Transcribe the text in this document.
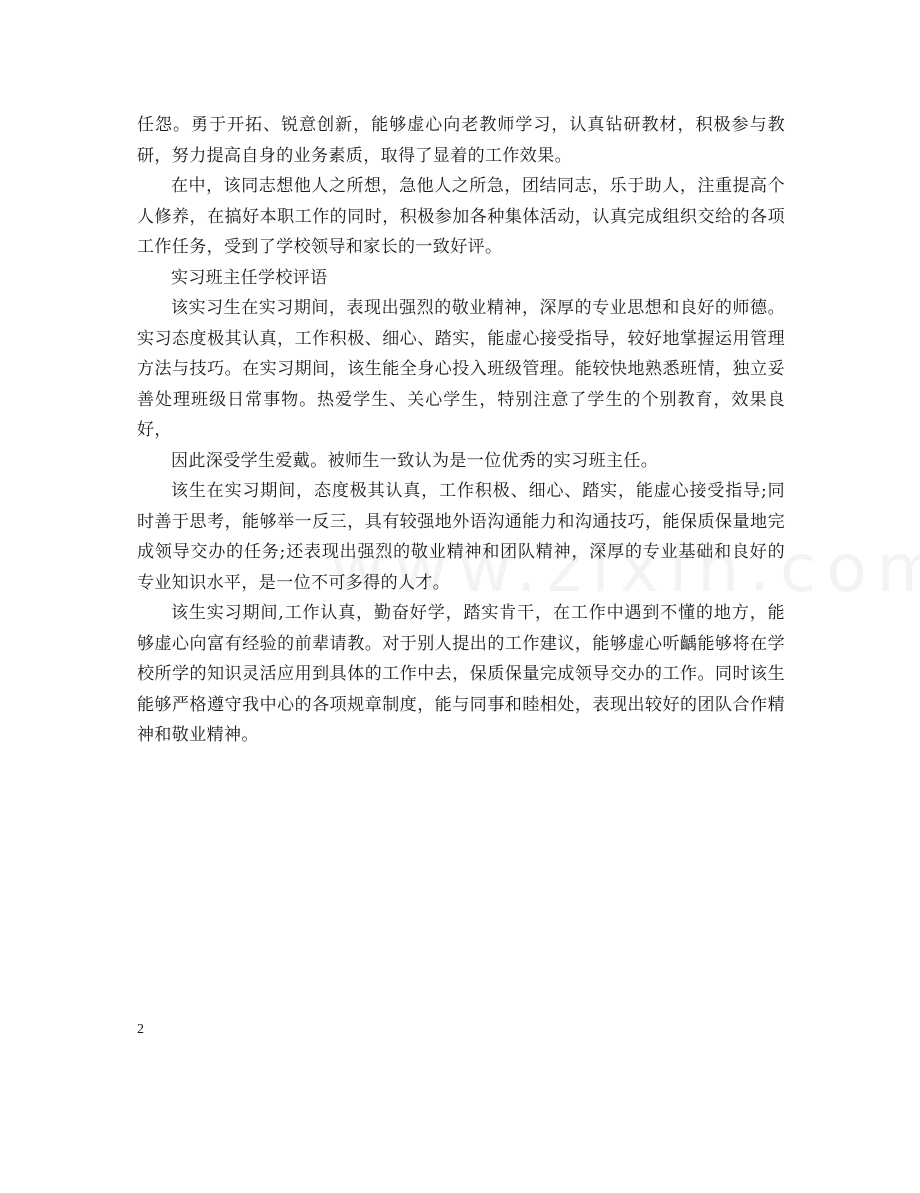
任怨。勇于开拓、锐意创新，能够虚心向老教师学习，认真钻研教材，积极参与教研，努力提高自身的业务素质，取得了显着的工作效果。

在中，该同志想他人之所想，急他人之所急，团结同志，乐于助人，注重提高个人修养，在搞好本职工作的同时，积极参加各种集体活动，认真完成组织交给的各项工作任务，受到了学校领导和家长的一致好评。

实习班主任学校评语

该实习生在实习期间，表现出强烈的敬业精神，深厚的专业思想和良好的师德。实习态度极其认真，工作积极、细心、踏实，能虚心接受指导，较好地掌握运用管理方法与技巧。在实习期间，该生能全身心投入班级管理。能较快地熟悉班情，独立妥善处理班级日常事物。热爱学生、关心学生，特别注意了学生的个别教育，效果良好，

因此深受学生爱戴。被师生一致认为是一位优秀的实习班主任。

该生在实习期间，态度极其认真，工作积极、细心、踏实，能虚心接受指导;同时善于思考，能够举一反三，具有较强地外语沟通能力和沟通技巧，能保质保量地完成领导交办的任务;还表现出强烈的敬业精神和团队精神，深厚的专业基础和良好的专业知识水平，是一位不可多得的人才。

该生实习期间,工作认真，勤奋好学，踏实肯干，在工作中遇到不懂的地方，能够虚心向富有经验的前辈请教。对于别人提出的工作建议，能够虚心听齲能够将在学校所学的知识灵活应用到具体的工作中去，保质保量完成领导交办的工作。同时该生能够严格遵守我中心的各项规章制度，能与同事和睦相处，表现出较好的团队合作精神和敬业精神。

2
